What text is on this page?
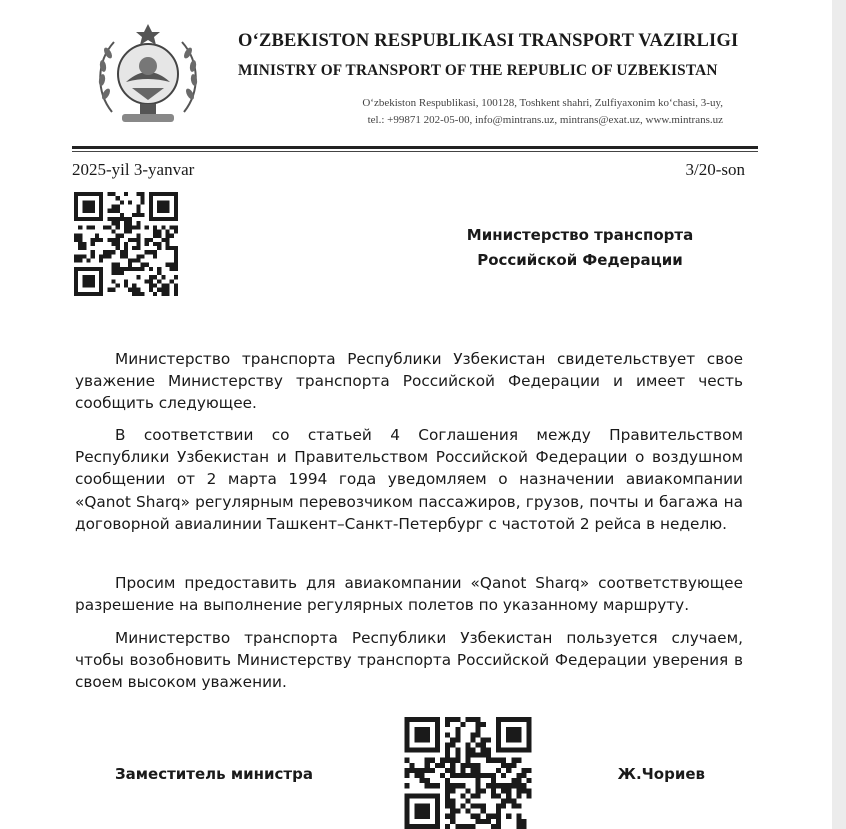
O‘ZBEKISTON RESPUBLIKASI TRANSPORT VAZIRLIGI
MINISTRY OF TRANSPORT OF THE REPUBLIC OF UZBEKISTAN
O‘zbekiston Respublikasi, 100128, Toshkent shahri, Zulfiyaxonim ko‘chasi, 3-uy,
tel.: +99871 202-05-00, info@mintrans.uz, mintrans@exat.uz, www.mintrans.uz
2025-yil 3-yanvar	3/20-son
Министерство транспорта
Российской Федерации
Министерство транспорта Республики Узбекистан свидетельствует свое уважение Министерству транспорта Российской Федерации и имеет честь сообщить следующее.
В соответствии со статьей 4 Соглашения между Правительством Республики Узбекистан и Правительством Российской Федерации о воздушном сообщении от 2 марта 1994 года уведомляем о назначении авиакомпании «Qanot Sharq» регулярным перевозчиком пассажиров, грузов, почты и багажа на договорной авиалинии Ташкент–Санкт-Петербург с частотой 2 рейса в неделю.
Просим предоставить для авиакомпании «Qanot Sharq» соответствующее разрешение на выполнение регулярных полетов по указанному маршруту.
Министерство транспорта Республики Узбекистан пользуется случаем, чтобы возобновить Министерству транспорта Российской Федерации уверения в своем высоком уважении.
Заместитель министра	Ж.Чориев
